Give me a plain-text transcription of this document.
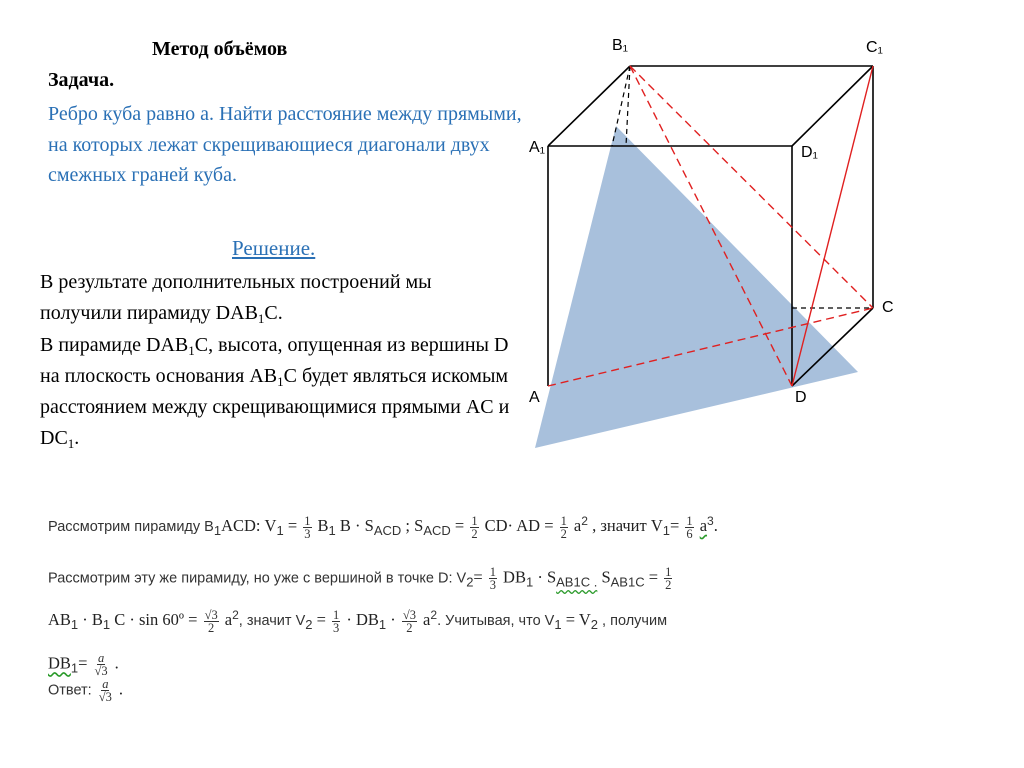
Метод объёмов
Задача.
Ребро куба равно а. Найти расстояние между прямыми, на которых лежат скрещивающиеся диагонали двух смежных граней куба.
Решение.
В результате дополнительных построений мы получили пирамиду $DAB_1C$.
В пирамиде $DAB_1C$, высота, опущенная из вершины D на плоскость основания $AB_1C$ будет являться искомым расстоянием между скрещивающимися прямыми AC и $DC_1$.
B₁	C₁
A₁	D₁
C
A	D
Рассмотрим пирамиду $B_1ACD$: $V_1 = \frac{1}{3} B_1$ $B \cdot S_{ACD}$ ; $S_{ACD} = \frac{1}{2} CD\cdot$ AD = $\frac{1}{2} a^2$ , значит $V_1= \frac{1}{6} a^3$.
Рассмотрим эту же пирамиду, но уже с вершиной в точке D: $V_2= \frac{1}{3} DB_1 \cdot S_{AB1C .}$ $S_{AB1C} = \frac{1}{2}$
$AB_1 \cdot B_1$ C · sin 60º = $\frac{√3}{2} a^2$, значит $V_2 = \frac{1}{3} \cdot DB_1 \cdot \frac{√3}{2} a^2$. Учитывая, что $V_1 = V_2$ , получим
$DB_1= \frac{a}{√3}$ .
Ответ: $\frac{a}{√3}$ .
